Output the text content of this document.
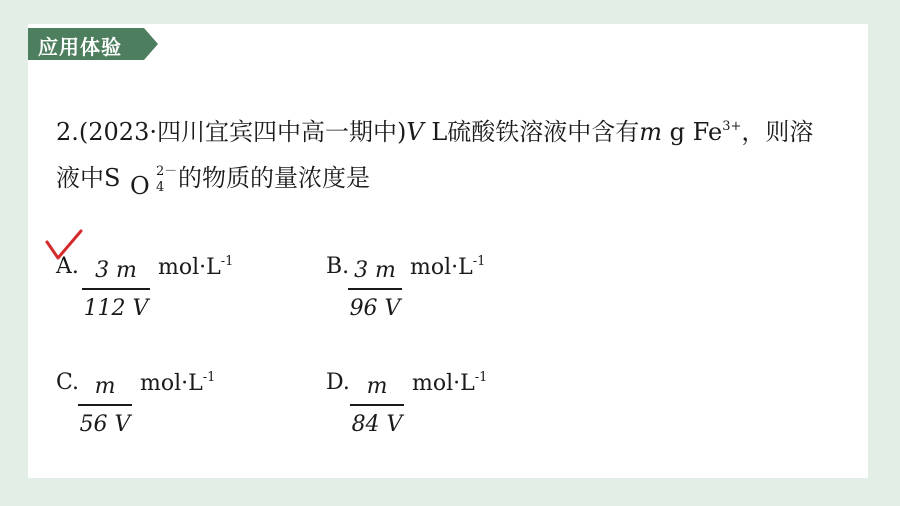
应用体验
2.(2023·四川宜宾四中高一期中)V L硫酸铁溶液中含有m g $Fe^{3+}$，则溶
液中 S O
2－
4 的物质的量浓度是
A. 3 m
112 V
$mol\cdot L^{-1}$	B. 3 m
96 V
$mol\cdot L^{-1}$
C. m
56 V
$mol\cdot L^{-1}$	D. m
84 V
$mol\cdot L^{-1}$
